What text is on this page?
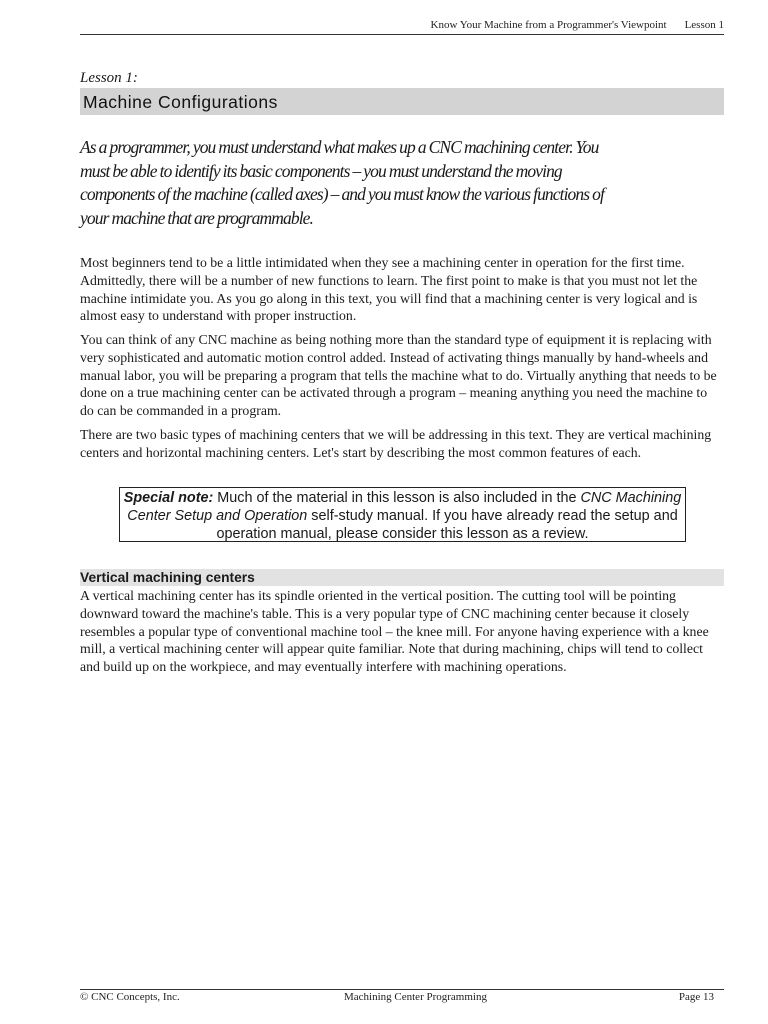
Know Your Machine from a Programmer's Viewpoint Lesson 1
Lesson 1:
Machine Configurations
As a programmer, you must understand what makes up a CNC machining center. You must be able to identify its basic components – you must understand the moving components of the machine (called axes) – and you must know the various functions of your machine that are programmable.

Most beginners tend to be a little intimidated when they see a machining center in operation for the first time. Admittedly, there will be a number of new functions to learn. The first point to make is that you must not let the machine intimidate you. As you go along in this text, you will find that a machining center is very logical and is almost easy to understand with proper instruction.

You can think of any CNC machine as being nothing more than the standard type of equipment it is replacing with very sophisticated and automatic motion control added. Instead of activating things manually by hand-wheels and manual labor, you will be preparing a program that tells the machine what to do. Virtually anything that needs to be done on a true machining center can be activated through a program – meaning anything you need the machine to do can be commanded in a program.

There are two basic types of machining centers that we will be addressing in this text. They are vertical machining centers and horizontal machining centers. Let's start by describing the most common features of each.

Special note: Much of the material in this lesson is also included in the CNC Machining Center Setup and Operation self-study manual. If you have already read the setup and operation manual, please consider this lesson as a review.
Vertical machining centers

A vertical machining center has its spindle oriented in the vertical position. The cutting tool will be pointing downward toward the machine's table. This is a very popular type of CNC machining center because it closely resembles a popular type of conventional machine tool – the knee mill. For anyone having experience with a knee mill, a vertical machining center will appear quite familiar. Note that during machining, chips will tend to collect and build up on the workpiece, and may eventually interfere with machining operations.

© CNC Concepts, Inc.	Machining Center Programming	Page 13
